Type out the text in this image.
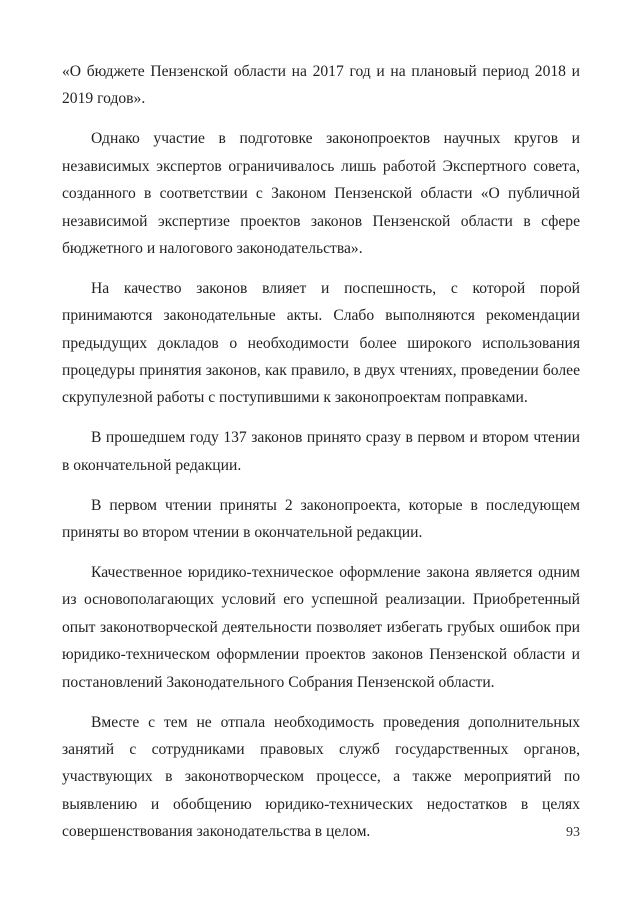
«О бюджете Пензенской области на 2017 год и на плановый период 2018 и 2019 годов».

Однако участие в подготовке законопроектов научных кругов и независимых экспертов ограничивалось лишь работой Экспертного совета, созданного в соответствии с Законом Пензенской области «О публичной независимой экспертизе проектов законов Пензенской области в сфере бюджетного и налогового законодательства».

На качество законов влияет и поспешность, с которой порой принимаются законодательные акты. Слабо выполняются рекомендации предыдущих докладов о необходимости более широкого использования процедуры принятия законов, как правило, в двух чтениях, проведении более скрупулезной работы с поступившими к законопроектам поправками.

В прошедшем году 137 законов принято сразу в первом и втором чтении в окончательной редакции.

В первом чтении приняты 2 законопроекта, которые в последующем приняты во втором чтении в окончательной редакции.

Качественное юридико-техническое оформление закона является одним из основополагающих условий его успешной реализации. Приобретенный опыт законотворческой деятельности позволяет избегать грубых ошибок при юридико-техническом оформлении проектов законов Пензенской области и постановлений Законодательного Собрания Пензенской области.

Вместе с тем не отпала необходимость проведения дополнительных занятий с сотрудниками правовых служб государственных органов, участвующих в законотворческом процессе, а также мероприятий по выявлению и обобщению юридико-технических недостатков в целях совершенствования законодательства в целом.	93
